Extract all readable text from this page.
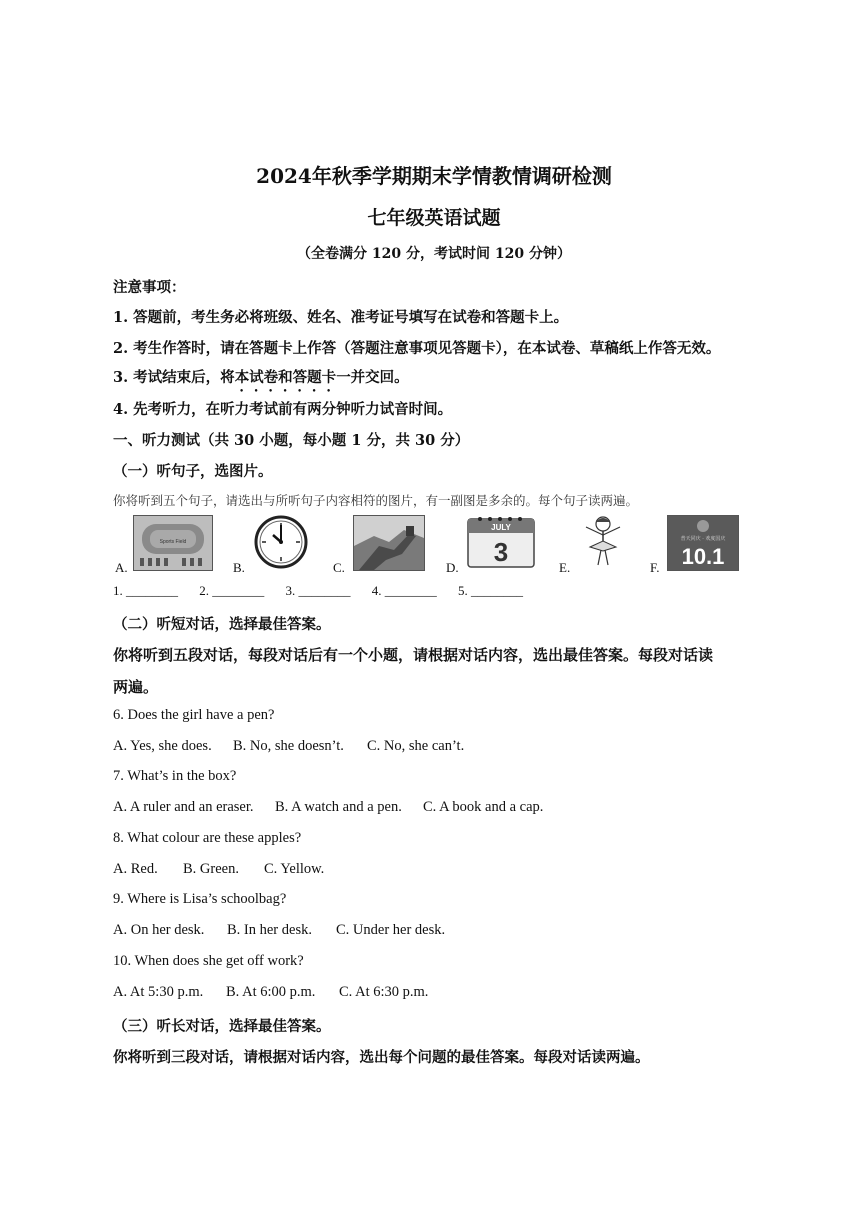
2024年秋季学期期末学情教情调研检测
七年级英语试题
（全卷满分 120 分，考试时间 120 分钟）
注意事项：
1. 答题前，考生务必将班级、姓名、准考证号填写在试卷和答题卡上。
2. 考生作答时，请在答题卡上作答（答题注意事项见答题卡），在本试卷、草稿纸上作答无效。
3. 考试结束后，将本试卷和答题卡一并交回。
4. 先考听力，在听力考试前有两分钟听力试音时间。
一、听力测试（共 30 小题，每小题 1 分，共 30 分）
（一）听句子，选图片。
你将听到五个句子，请选出与所听句子内容相符的图片，有一副图是多余的。每个句子读两遍。
A.
Sports Field
B.	C.	D.
JULY
3
E.	F.
普天同庆 · 欢度国庆
10.1
1. ________ 2. ________ 3. ________ 4. ________ 5. ________
（二）听短对话，选择最佳答案。
你将听到五段对话，每段对话后有一个小题，请根据对话内容，选出最佳答案。每段对话读
两遍。
6. Does the girl have a pen?
A. Yes, she does. B. No, she doesn’t. C. No, she can’t.
7. What’s in the box?
A. A ruler and an eraser. B. A watch and a pen. C. A book and a cap.
8. What colour are these apples?
A. Red. B. Green. C. Yellow.
9. Where is Lisa’s schoolbag?
A. On her desk. B. In her desk. C. Under her desk.
10. When does she get off work?
A. At 5:30 p.m. B. At 6:00 p.m. C. At 6:30 p.m.
（三）听长对话，选择最佳答案。
你将听到三段对话，请根据对话内容，选出每个问题的最佳答案。每段对话读两遍。
